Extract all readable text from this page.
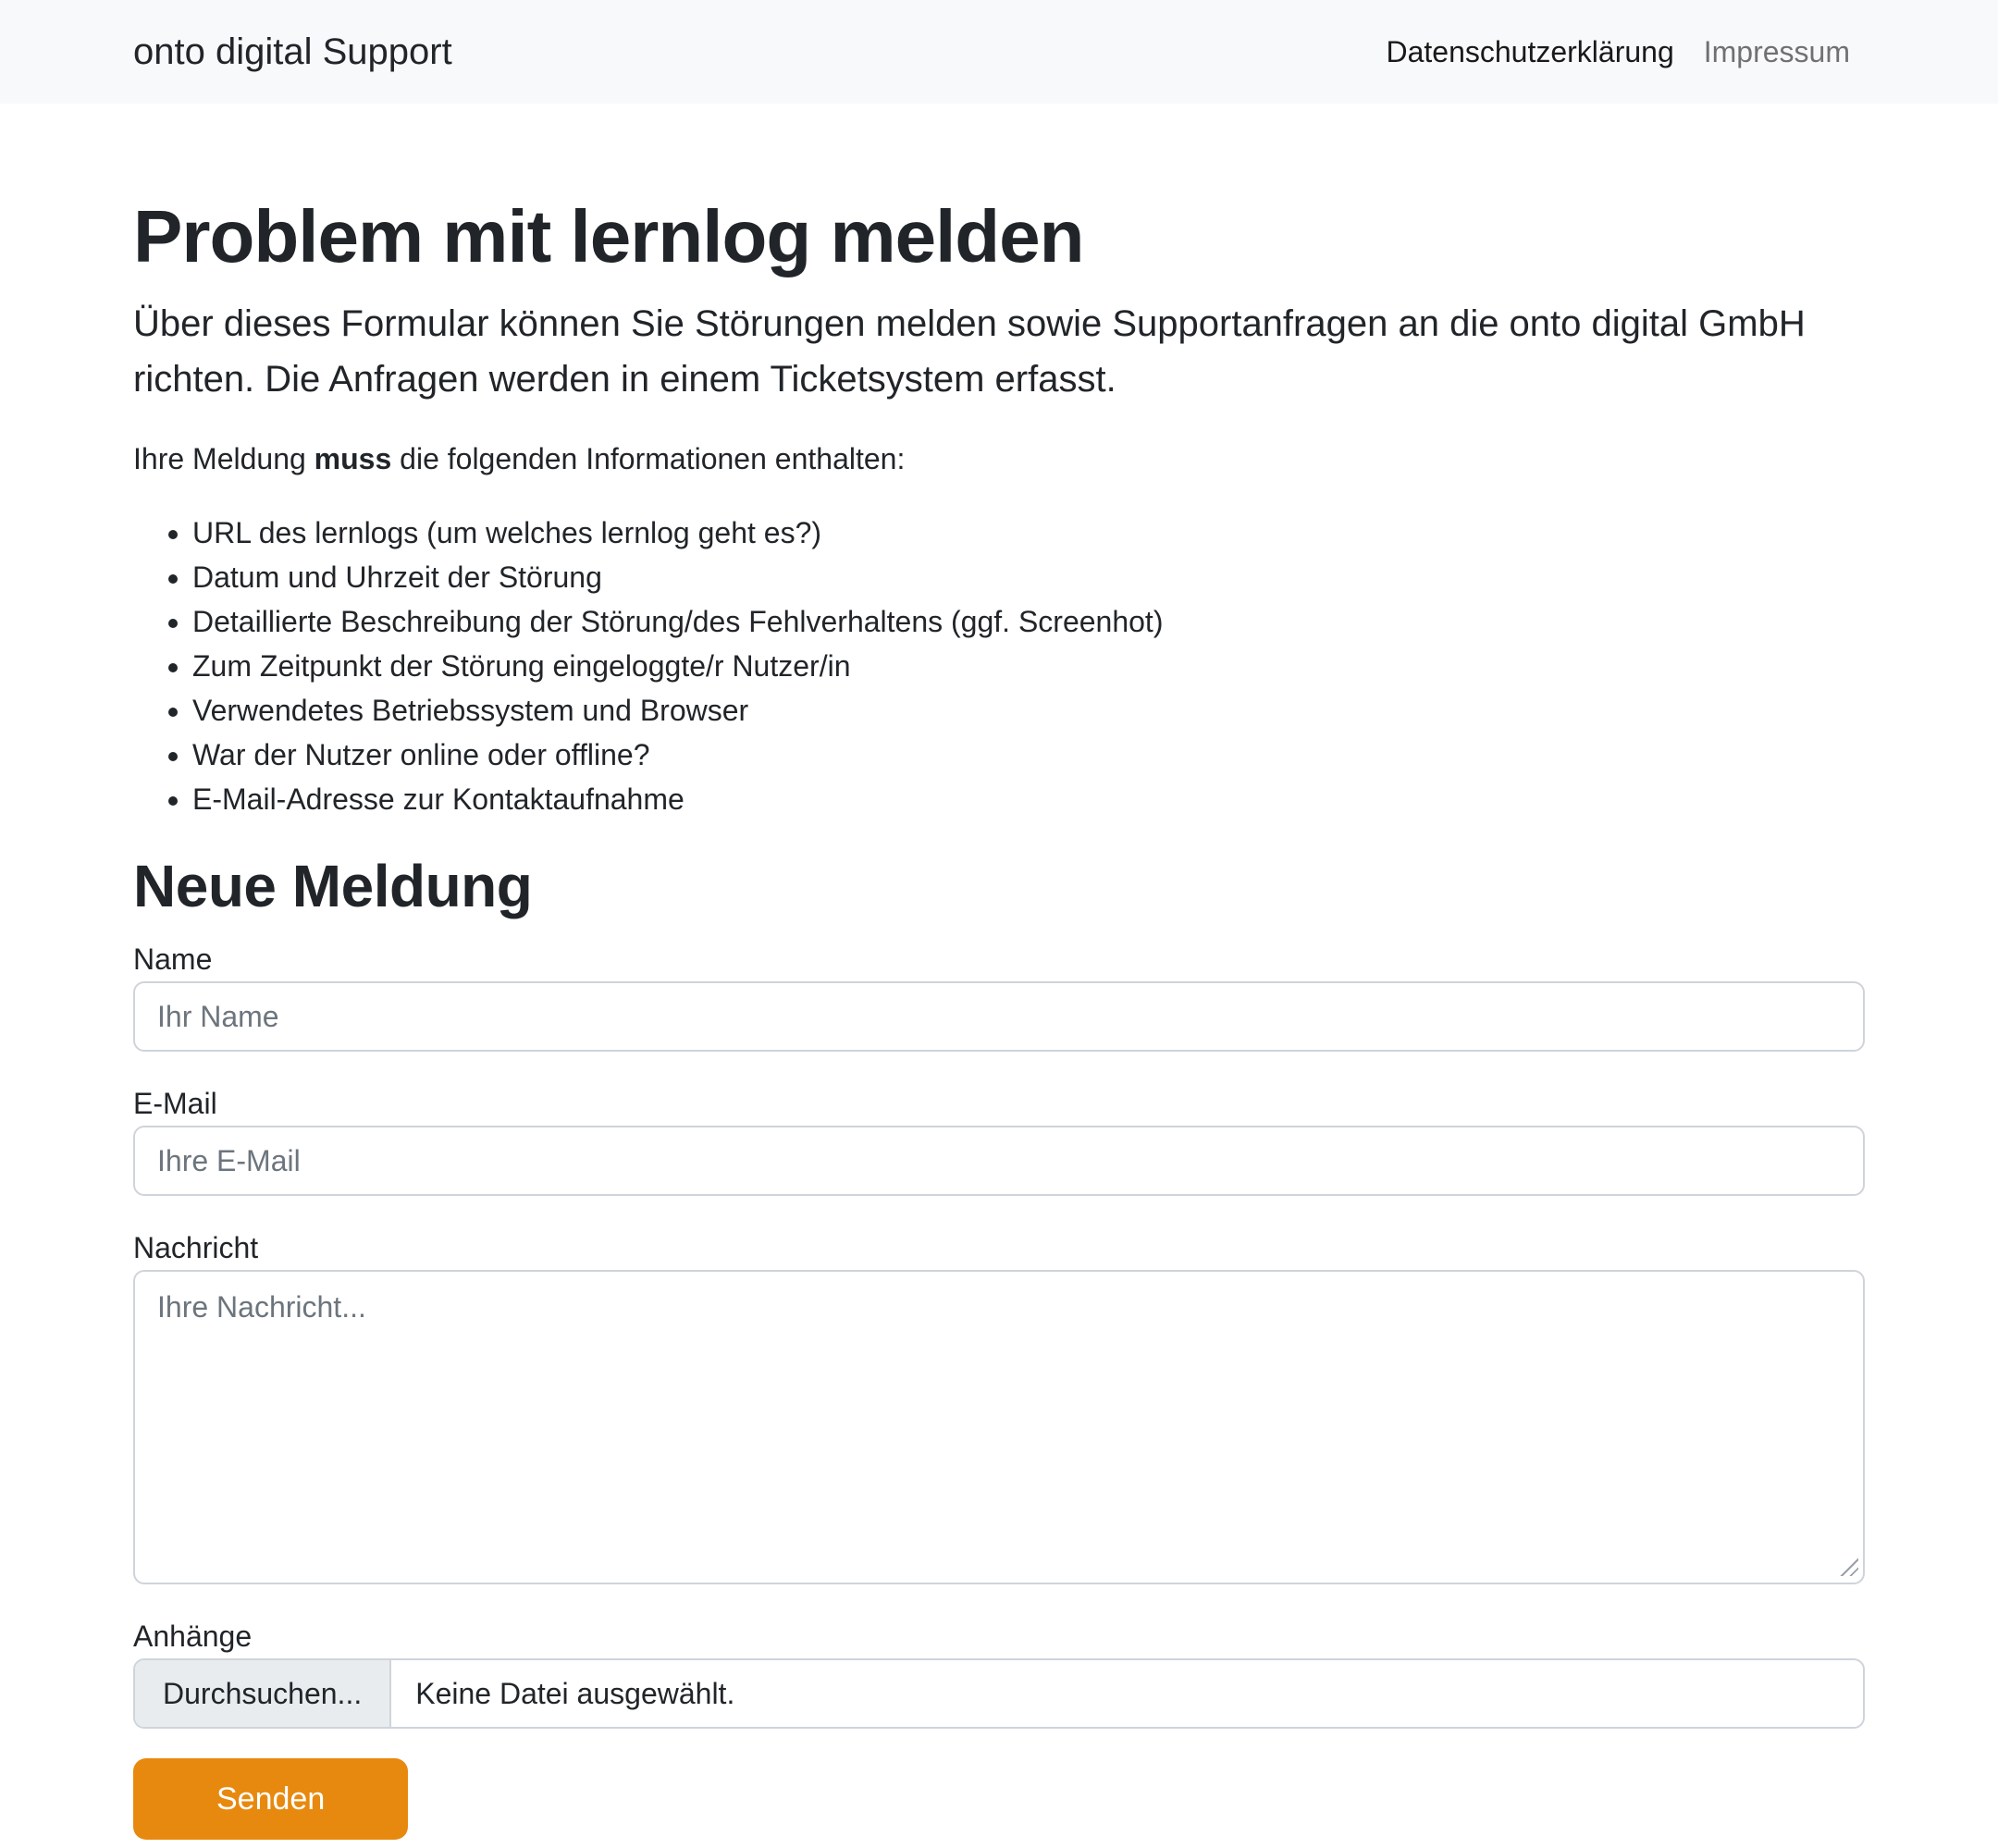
onto digital Support	Datenschutzerklärung	Impressum
Problem mit lernlog melden

Über dieses Formular können Sie Störungen melden sowie Supportanfragen an die onto digital GmbH richten. Die Anfragen werden in einem Ticketsystem erfasst.

Ihre Meldung muss die folgenden Informationen enthalten:

• URL des lernlogs (um welches lernlog geht es?)
• Datum und Uhrzeit der Störung
• Detaillierte Beschreibung der Störung/des Fehlverhaltens (ggf. Screenhot)
• Zum Zeitpunkt der Störung eingeloggte/r Nutzer/in
• Verwendetes Betriebssystem und Browser
• War der Nutzer online oder offline?
• E-Mail-Adresse zur Kontaktaufnahme
Neue Meldung
Name
Ihr Name
E-Mail
Ihre E-Mail
Nachricht
Ihre Nachricht...
Anhänge
Durchsuchen...	Keine Datei ausgewählt.
Senden
